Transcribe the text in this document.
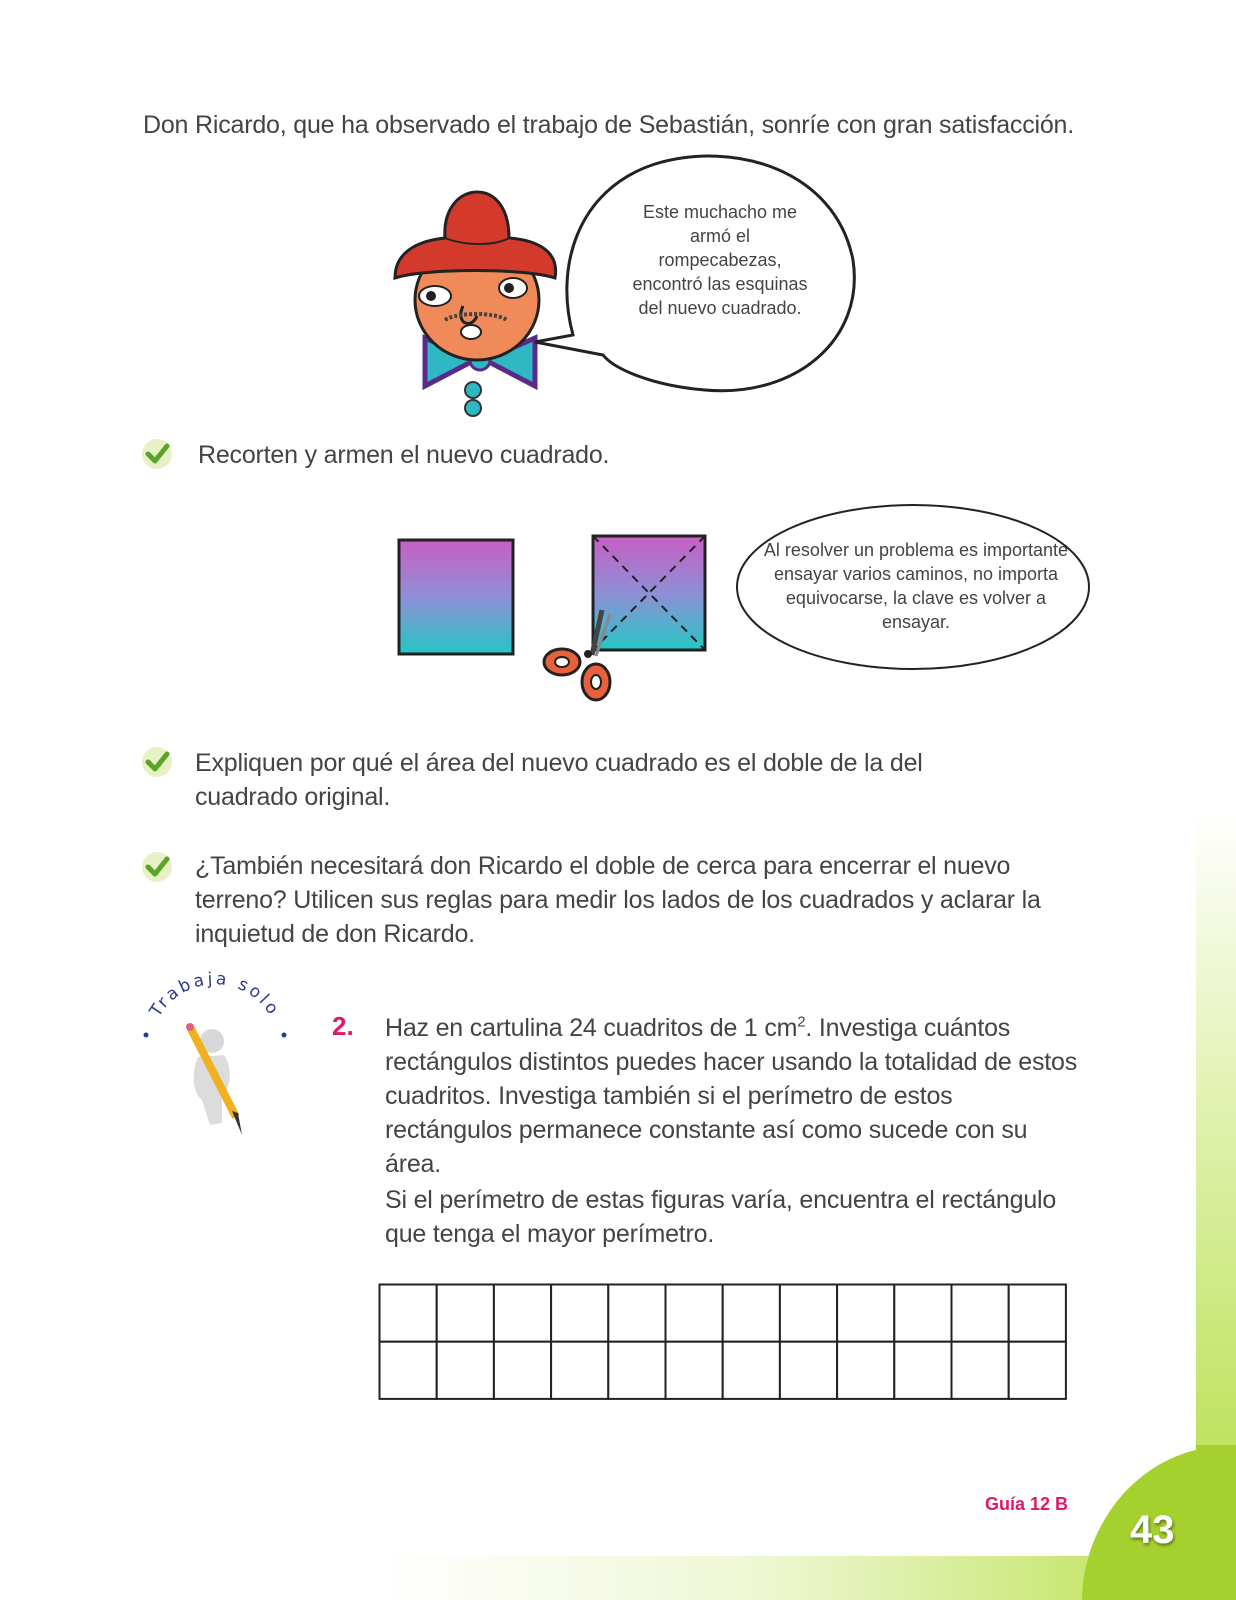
Don Ricardo, que ha observado el trabajo de Sebastián, sonríe con gran satisfacción.
Este muchacho me armó el rompecabezas, encontró las esquinas del nuevo cuadrado.
Recorten y armen el nuevo cuadrado.
Al resolver un problema es importante ensayar varios caminos, no importa equivocarse, la clave es volver a ensayar.
Expliquen por qué el área del nuevo cuadrado es el doble de la del cuadrado original.
¿También necesitará don Ricardo el doble de cerca para encerrar el nuevo terreno? Utilicen sus reglas para medir los lados de los cuadrados y aclarar la inquietud de don Ricardo.
Trabaja solo
2. Haz en cartulina 24 cuadritos de 1 $cm^2$. Investiga cuántos rectángulos distintos puedes hacer usando la totalidad de estos cuadritos. Investiga también si el perímetro de estos rectángulos permanece constante así como sucede con su área.
Si el perímetro de estas figuras varía, encuentra el rectángulo que tenga el mayor perímetro.
Guía 12 B
43
